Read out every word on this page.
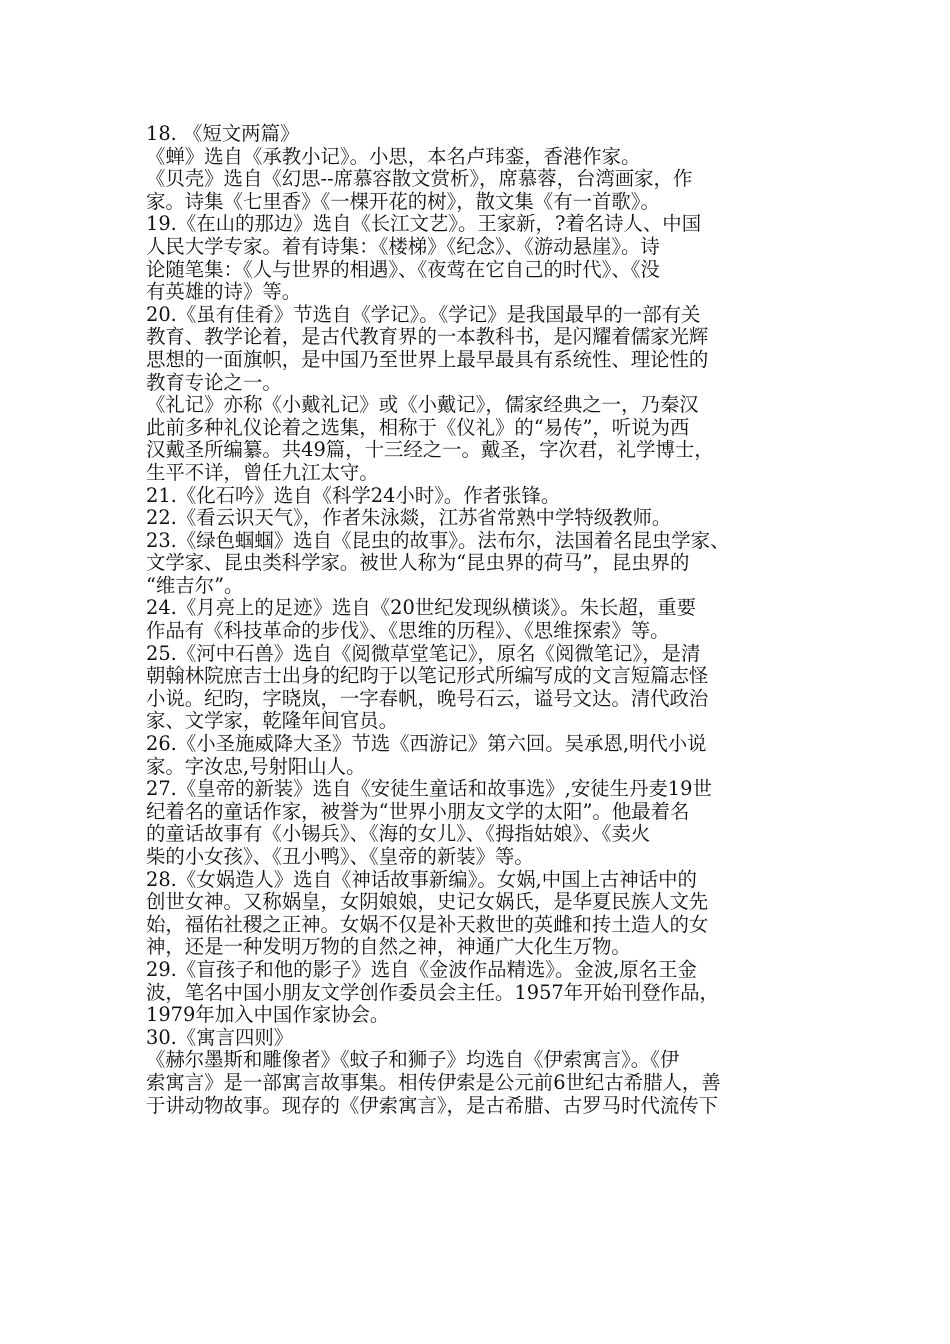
18. 《短文两篇》
《蝉》选自《承教小记》。小思，本名卢玮銮，香港作家。
《贝壳》选自《幻思--席慕容散文赏析》，席慕蓉，台湾画家，作
家。诗集《七里香》《一棵开花的树》，散文集《有一首歌》。
19.《在山的那边》选自《长江文艺》。王家新，?着名诗人、中国
人民大学专家。着有诗集：《楼梯》《纪念》、《游动悬崖》。诗
论随笔集：《人与世界的相遇》、《夜莺在它自己的时代》、《没
有英雄的诗》等。
20.《虽有佳肴》节选自《学记》。《学记》是我国最早的一部有关
教育、教学论着，是古代教育界的一本教科书，是闪耀着儒家光辉
思想的一面旗帜，是中国乃至世界上最早最具有系统性、理论性的
教育专论之一。
《礼记》亦称《小戴礼记》或《小戴记》，儒家经典之一，乃秦汉
此前多种礼仪论着之选集，相称于《仪礼》的“易传”，听说为西
汉戴圣所编纂。共49篇，十三经之一。戴圣，字次君，礼学博士，
生平不详，曾任九江太守。
21.《化石吟》选自《科学24小时》。作者张锋。
22.《看云识天气》，作者朱泳燚，江苏省常熟中学特级教师。
23.《绿色蝈蝈》选自《昆虫的故事》。法布尔，法国着名昆虫学家、
文学家、昆虫类科学家。被世人称为“昆虫界的荷马”，昆虫界的
“维吉尔”。
24.《月亮上的足迹》选自《20世纪发现纵横谈》。朱长超，重要
作品有《科技革命的步伐》、《思维的历程》、《思维探索》等。
25.《河中石兽》选自《阅微草堂笔记》，原名《阅微笔记》，是清
朝翰林院庶吉士出身的纪昀于以笔记形式所编写成的文言短篇志怪
小说。纪昀，字晓岚，一字春帆，晚号石云，谥号文达。清代政治
家、文学家，乾隆年间官员。
26.《小圣施威降大圣》节选《西游记》第六回。吴承恩,明代小说
家。字汝忠,号射阳山人。
27.《皇帝的新装》选自《安徒生童话和故事选》,安徒生丹麦19世
纪着名的童话作家，被誉为“世界小朋友文学的太阳”。他最着名
的童话故事有《小锡兵》、《海的女儿》、《拇指姑娘》、《卖火
柴的小女孩》、《丑小鸭》、《皇帝的新装》等。
28.《女娲造人》选自《神话故事新编》。女娲,中国上古神话中的
创世女神。又称娲皇，女阴娘娘，史记女娲氏，是华夏民族人文先
始，福佑社稷之正神。女娲不仅是补天救世的英雌和抟土造人的女
神，还是一种发明万物的自然之神，神通广大化生万物。
29.《盲孩子和他的影子》选自《金波作品精选》。金波,原名王金
波，笔名中国小朋友文学创作委员会主任。1957年开始刊登作品，
1979年加入中国作家协会。
30.《寓言四则》
《赫尔墨斯和雕像者》《蚊子和狮子》均选自《伊索寓言》。《伊
索寓言》是一部寓言故事集。相传伊索是公元前6世纪古希腊人，善
于讲动物故事。现存的《伊索寓言》，是古希腊、古罗马时代流传下
